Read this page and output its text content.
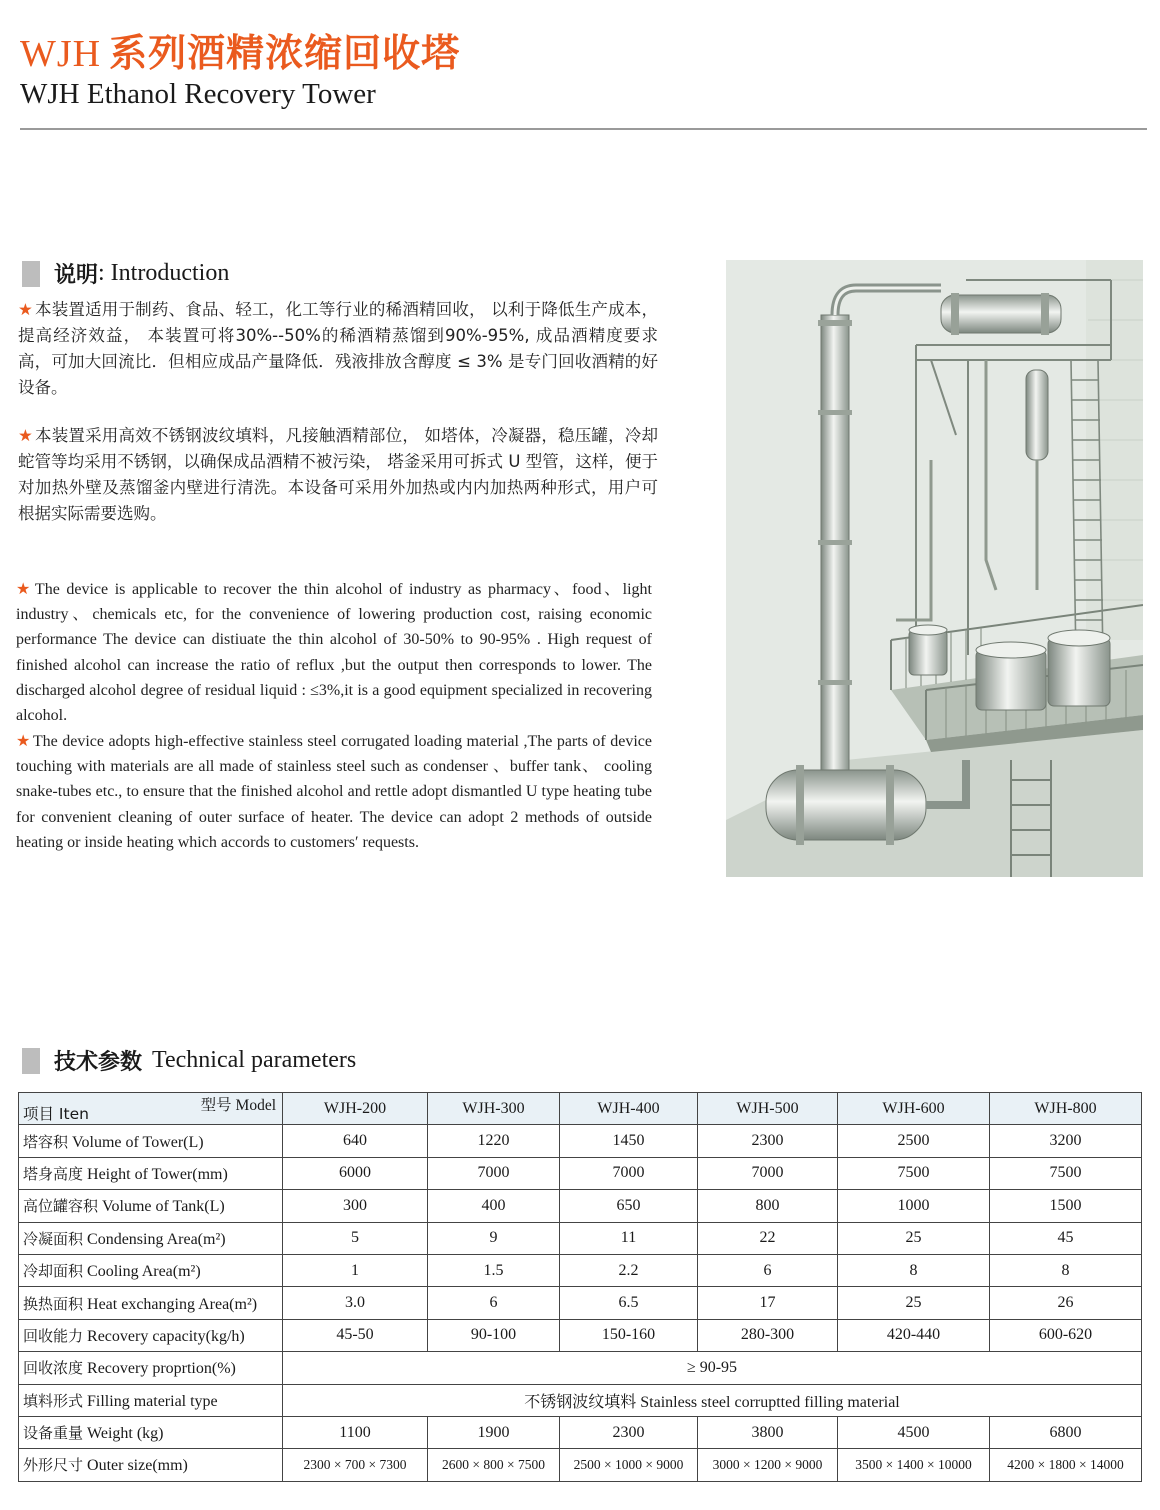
WJH 系列酒精浓缩回收塔
WJH Ethanol Recovery Tower
说明 : Introduction
★ 本装置适用于制药、食品、轻工，化工等行业的稀酒精回收， 以利于降低生产成本， 提高经济效益， 本装置可将30%--50%的稀酒精蒸馏到90%-95%, 成品酒精度要求高，可加大回流比．但相应成品产量降低．残液排放含醇度 ≤ 3% 是专门回收酒精的好设备。
★ 本装置采用高效不锈钢波纹填料，凡接触酒精部位， 如塔体，冷凝器，稳压罐，冷却蛇管等均采用不锈钢，以确保成品酒精不被污染， 塔釜采用可拆式 U 型管，这样，便于对加热外壁及蒸馏釜内壁进行清洗。本设备可采用外加热或内内加热两种形式，用户可根据实际需要选购。
★ The device is applicable to recover the thin alcohol of industry as pharmacy、food、light industry、chemicals etc, for the convenience of lowering production cost, raising economic performance The device can distiuate the thin alcohol of 30-50% to 90-95% . High request of finished alcohol can increase the ratio of reflux ,but the output then corresponds to lower. The discharged alcohol degree of residual liquid : ≤3%,it is a good equipment specialized in recovering alcohol.
★ The device adopts high-effective stainless steel corrugated loading material ,The parts of device touching with materials are all made of stainless steel such as condenser 、buffer tank、 cooling snake-tubes etc., to ensure that the finished alcohol and rettle adopt dismantled U type heating tube for convenient cleaning of outer surface of heater. The device can adopt 2 methods of outside heating or inside heating which accords to customers′ requests.
技术参数 Technical parameters
型号 Model
项目 Iten	WJH-200	WJH-300	WJH-400	WJH-500	WJH-600	WJH-800
塔容积 Volume of Tower(L)	640	1220	1450	2300	2500	3200
塔身高度 Height of Tower(mm)	6000	7000	7000	7000	7500	7500
高位罐容积 Volume of Tank(L)	300	400	650	800	1000	1500
冷凝面积 Condensing Area(m²)	5	9	11	22	25	45
冷却面积 Cooling Area(m²)	1	1.5	2.2	6	8	8
换热面积 Heat exchanging Area(m²)	3.0	6	6.5	17	25	26
回收能力 Recovery capacity(kg/h)	45-50	90-100	150-160	280-300	420-440	600-620
回收浓度 Recovery proprtion(%)	≥ 90-95					
填料形式 Filling material type	不锈钢波纹填料 Stainless steel corruptted filling material					
设备重量 Weight (kg)	1100	1900	2300	3800	4500	6800
外形尺寸 Outer size(mm)	2300 × 700 × 7300	2600 × 800 × 7500	2500 × 1000 × 9000	3000 × 1200 × 9000	3500 × 1400 × 10000	4200 × 1800 × 14000
